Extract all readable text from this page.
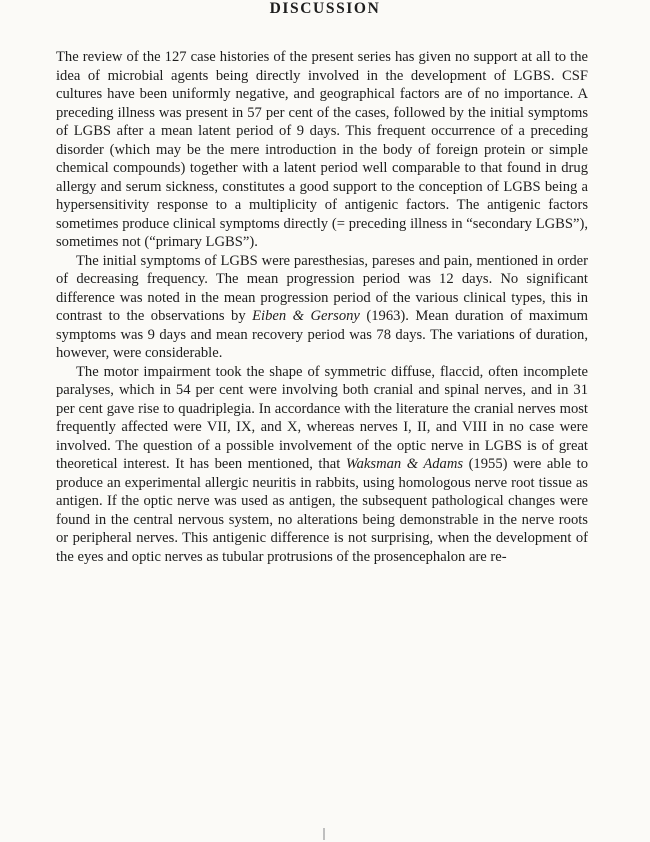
DISCUSSION

The review of the 127 case histories of the present series has given no support at all to the idea of microbial agents being directly involved in the development of LGBS. CSF cultures have been uniformly negative, and geographical factors are of no importance. A preceding illness was present in 57 per cent of the cases, followed by the initial symptoms of LGBS after a mean latent period of 9 days. This frequent occurrence of a preceding disorder (which may be the mere introduction in the body of foreign protein or simple chemical compounds) together with a latent period well comparable to that found in drug allergy and serum sickness, constitutes a good support to the conception of LGBS being a hypersensitivity response to a multiplicity of antigenic factors. The antigenic factors sometimes produce clinical symptoms directly (= preceding illness in “secondary LGBS”), sometimes not (“primary LGBS”).

The initial symptoms of LGBS were paresthesias, pareses and pain, mentioned in order of decreasing frequency. The mean progression period was 12 days. No significant difference was noted in the mean progression period of the various clinical types, this in contrast to the observations by Eiben & Gersony (1963). Mean duration of maximum symptoms was 9 days and mean recovery period was 78 days. The variations of duration, however, were considerable.

The motor impairment took the shape of symmetric diffuse, flaccid, often incomplete paralyses, which in 54 per cent were involving both cranial and spinal nerves, and in 31 per cent gave rise to quadriplegia. In accordance with the literature the cranial nerves most frequently affected were VII, IX, and X, whereas nerves I, II, and VIII in no case were involved. The question of a possible involvement of the optic nerve in LGBS is of great theoretical interest. It has been mentioned, that Waksman & Adams (1955) were able to produce an experimental allergic neuritis in rabbits, using homologous nerve root tissue as antigen. If the optic nerve was used as antigen, the subsequent pathological changes were found in the central nervous system, no alterations being demonstrable in the nerve roots or peripheral nerves. This antigenic difference is not surprising, when the development of the eyes and optic nerves as tubular protrusions of the prosencephalon are re-
